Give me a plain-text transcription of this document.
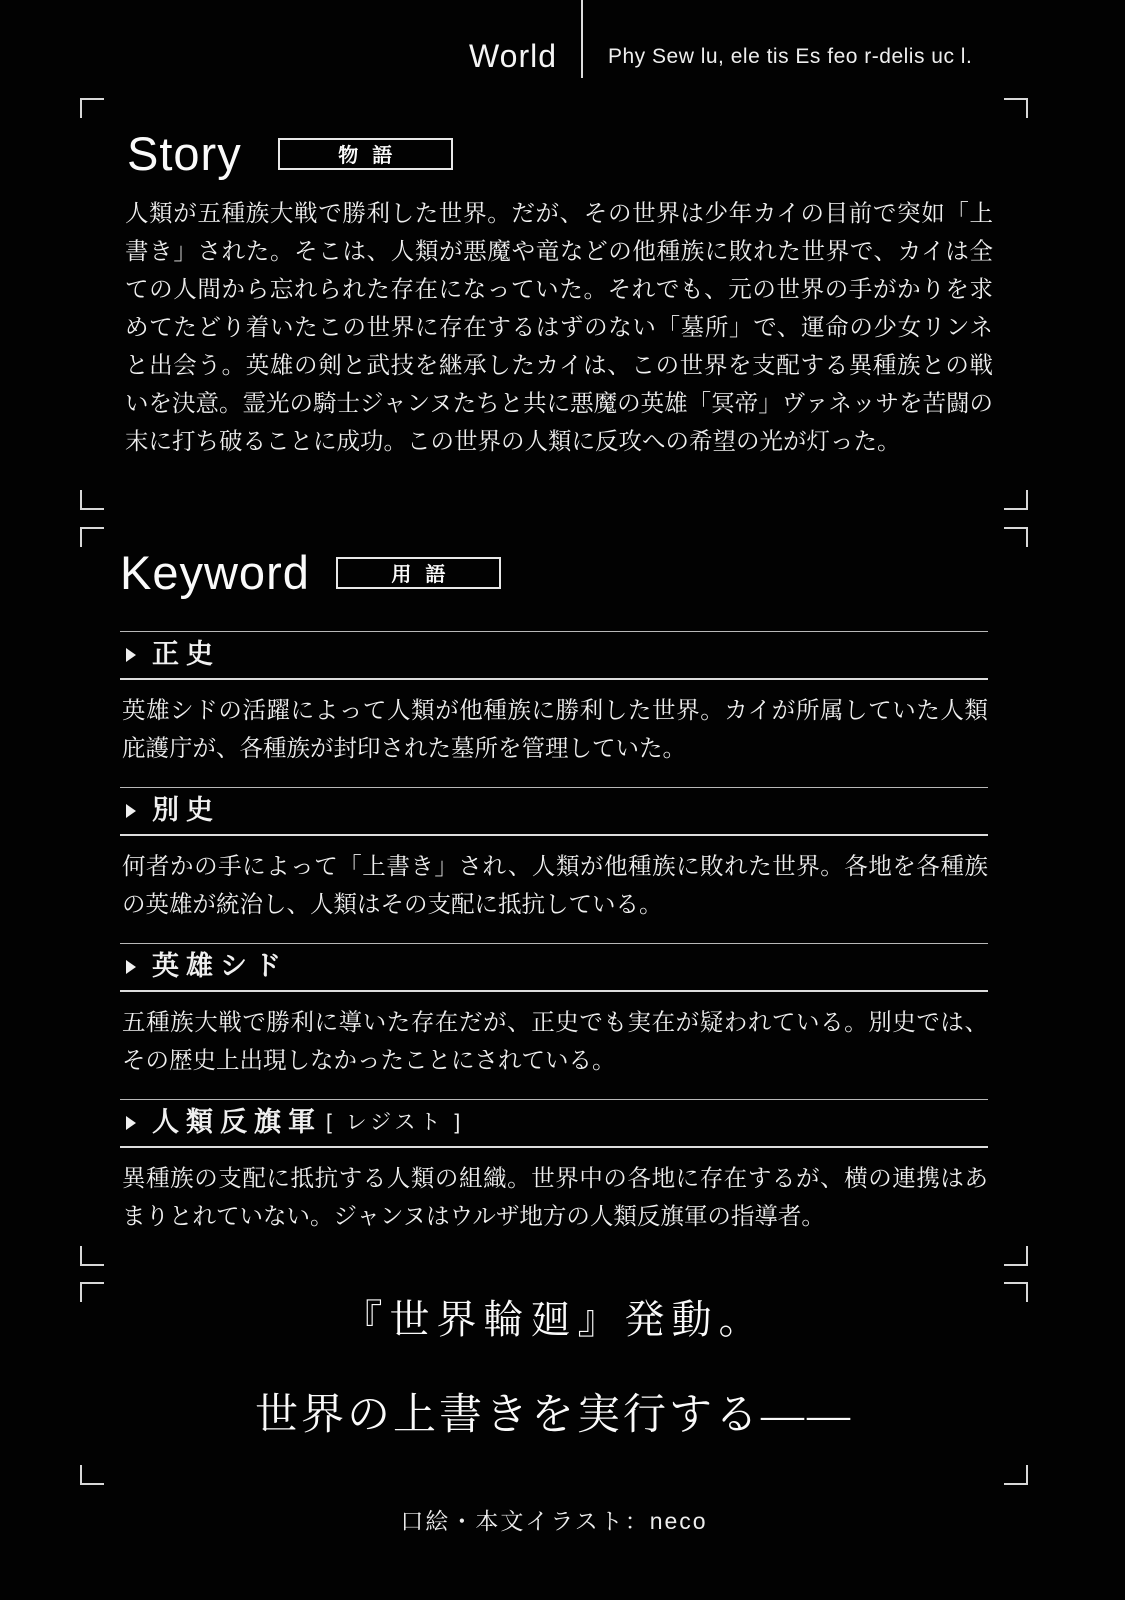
World Phy Sew lu, ele tis Es feo r-delis uc l.
Story	物語
人類が五種族大戦で勝利した世界。だが、その世界は少年カイの目前で突如「上書き」された。そこは、人類が悪魔や竜などの他種族に敗れた世界で、カイは全ての人間から忘れられた存在になっていた。それでも、元の世界の手がかりを求めてたどり着いたこの世界に存在するはずのない「墓所」で、運命の少女リンネと出会う。英雄の剣と武技を継承したカイは、この世界を支配する異種族との戦いを決意。霊光の騎士ジャンヌたちと共に悪魔の英雄「冥帝」ヴァネッサを苦闘の末に打ち破ることに成功。この世界の人類に反攻への希望の光が灯った。
Keyword	用語
正史
英雄シドの活躍によって人類が他種族に勝利した世界。カイが所属していた人類庇護庁が、各種族が封印された墓所を管理していた。
別史
何者かの手によって「上書き」され、人類が他種族に敗れた世界。各地を各種族の英雄が統治し、人類はその支配に抵抗している。
英雄シド
五種族大戦で勝利に導いた存在だが、正史でも実在が疑われている。別史では、その歴史上出現しなかったことにされている。
人類反旗軍 [ レジスト ]
異種族の支配に抵抗する人類の組織。世界中の各地に存在するが、横の連携はあまりとれていない。ジャンヌはウルザ地方の人類反旗軍の指導者。
『世界輪廻』発動。
世界の上書きを実行する――
口絵・本文イラスト：neco
